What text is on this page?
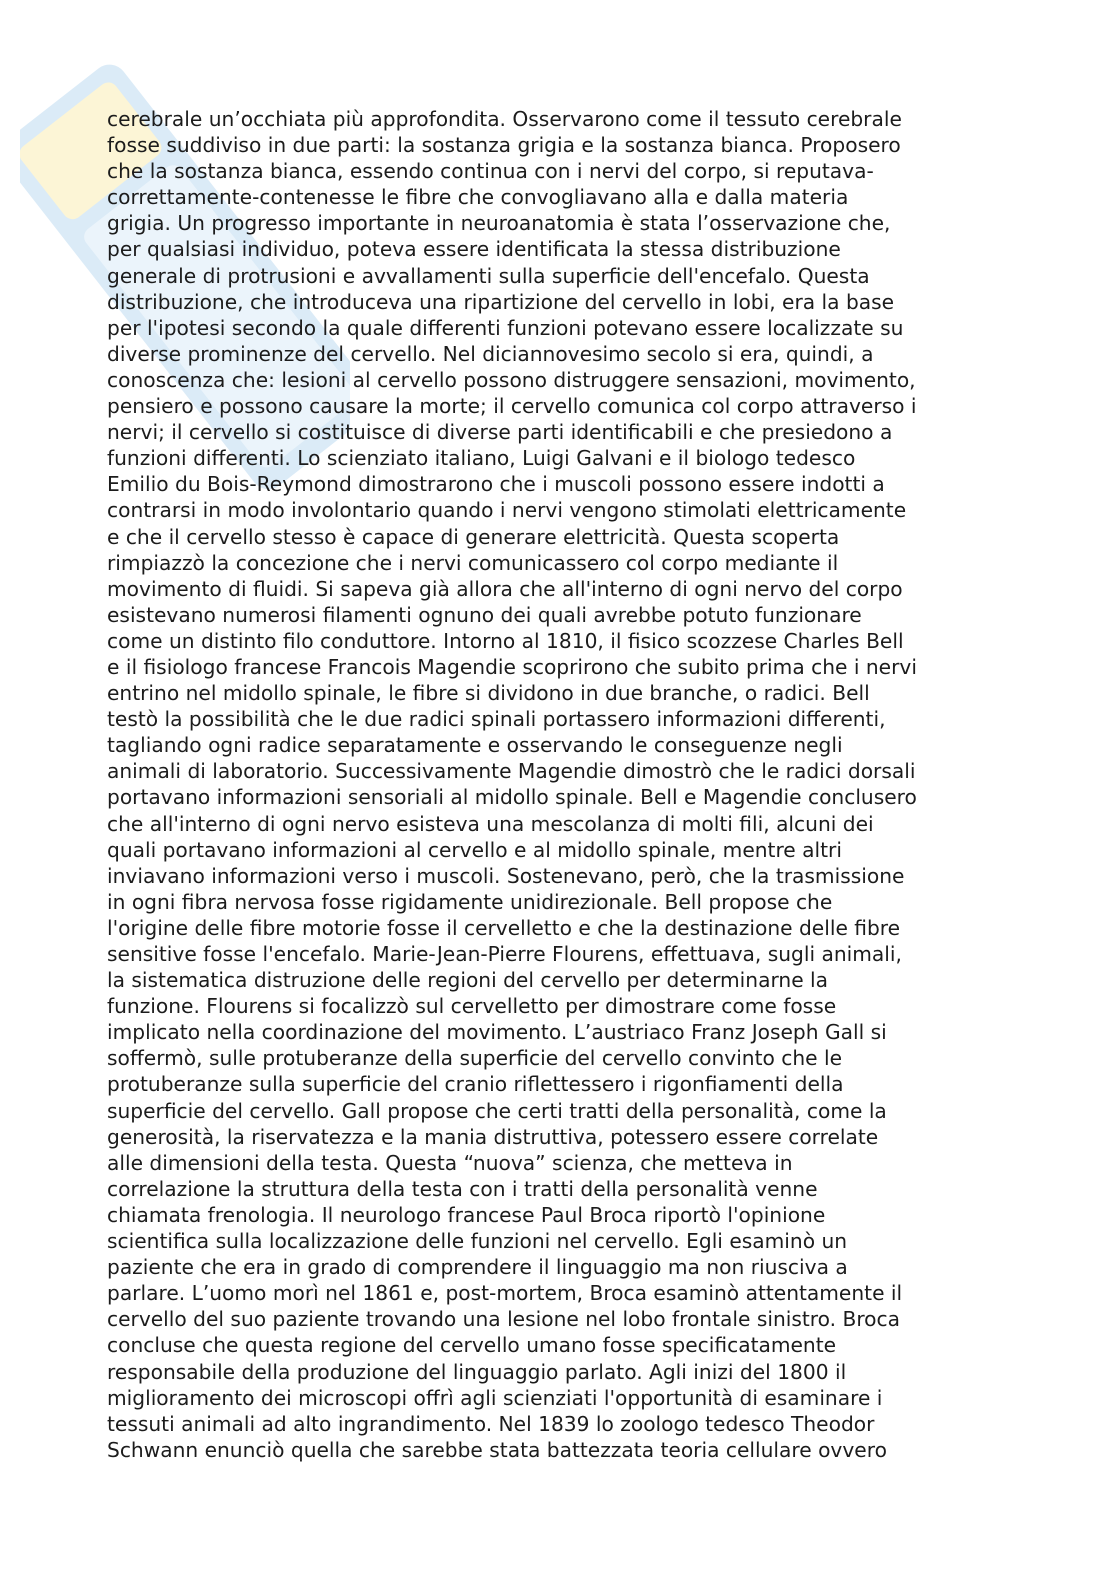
cerebrale un’occhiata più approfondita. Osservarono come il tessuto cerebrale
fosse suddiviso in due parti: la sostanza grigia e la sostanza bianca. Proposero
che la sostanza bianca, essendo continua con i nervi del corpo, si reputava-
correttamente-contenesse le fibre che convogliavano alla e dalla materia
grigia. Un progresso importante in neuroanatomia è stata l’osservazione che,
per qualsiasi individuo, poteva essere identificata la stessa distribuzione
generale di protrusioni e avvallamenti sulla superficie dell'encefalo. Questa
distribuzione, che introduceva una ripartizione del cervello in lobi, era la base
per l'ipotesi secondo la quale differenti funzioni potevano essere localizzate su
diverse prominenze del cervello. Nel diciannovesimo secolo si era, quindi, a
conoscenza che: lesioni al cervello possono distruggere sensazioni, movimento,
pensiero e possono causare la morte; il cervello comunica col corpo attraverso i
nervi; il cervello si costituisce di diverse parti identificabili e che presiedono a
funzioni differenti. Lo scienziato italiano, Luigi Galvani e il biologo tedesco
Emilio du Bois-Reymond dimostrarono che i muscoli possono essere indotti a
contrarsi in modo involontario quando i nervi vengono stimolati elettricamente
e che il cervello stesso è capace di generare elettricità. Questa scoperta
rimpiazzò la concezione che i nervi comunicassero col corpo mediante il
movimento di fluidi. Si sapeva già allora che all'interno di ogni nervo del corpo
esistevano numerosi filamenti ognuno dei quali avrebbe potuto funzionare
come un distinto filo conduttore. Intorno al 1810, il fisico scozzese Charles Bell
e il fisiologo francese Francois Magendie scoprirono che subito prima che i nervi
entrino nel midollo spinale, le fibre si dividono in due branche, o radici. Bell
testò la possibilità che le due radici spinali portassero informazioni differenti,
tagliando ogni radice separatamente e osservando le conseguenze negli
animali di laboratorio. Successivamente Magendie dimostrò che le radici dorsali
portavano informazioni sensoriali al midollo spinale. Bell e Magendie conclusero
che all'interno di ogni nervo esisteva una mescolanza di molti fili, alcuni dei
quali portavano informazioni al cervello e al midollo spinale, mentre altri
inviavano informazioni verso i muscoli. Sostenevano, però, che la trasmissione
in ogni fibra nervosa fosse rigidamente unidirezionale. Bell propose che
l'origine delle fibre motorie fosse il cervelletto e che la destinazione delle fibre
sensitive fosse l'encefalo. Marie-Jean-Pierre Flourens, effettuava, sugli animali,
la sistematica distruzione delle regioni del cervello per determinarne la
funzione. Flourens si focalizzò sul cervelletto per dimostrare come fosse
implicato nella coordinazione del movimento. L’austriaco Franz Joseph Gall si
soffermò, sulle protuberanze della superficie del cervello convinto che le
protuberanze sulla superficie del cranio riflettessero i rigonfiamenti della
superficie del cervello. Gall propose che certi tratti della personalità, come la
generosità, la riservatezza e la mania distruttiva, potessero essere correlate
alle dimensioni della testa. Questa “nuova” scienza, che metteva in
correlazione la struttura della testa con i tratti della personalità venne
chiamata frenologia. Il neurologo francese Paul Broca riportò l'opinione
scientifica sulla localizzazione delle funzioni nel cervello. Egli esaminò un
paziente che era in grado di comprendere il linguaggio ma non riusciva a
parlare. L’uomo morì nel 1861 e, post-mortem, Broca esaminò attentamente il
cervello del suo paziente trovando una lesione nel lobo frontale sinistro. Broca
concluse che questa regione del cervello umano fosse specificatamente
responsabile della produzione del linguaggio parlato. Agli inizi del 1800 il
miglioramento dei microscopi offrì agli scienziati l'opportunità di esaminare i
tessuti animali ad alto ingrandimento. Nel 1839 lo zoologo tedesco Theodor
Schwann enunciò quella che sarebbe stata battezzata teoria cellulare ovvero
